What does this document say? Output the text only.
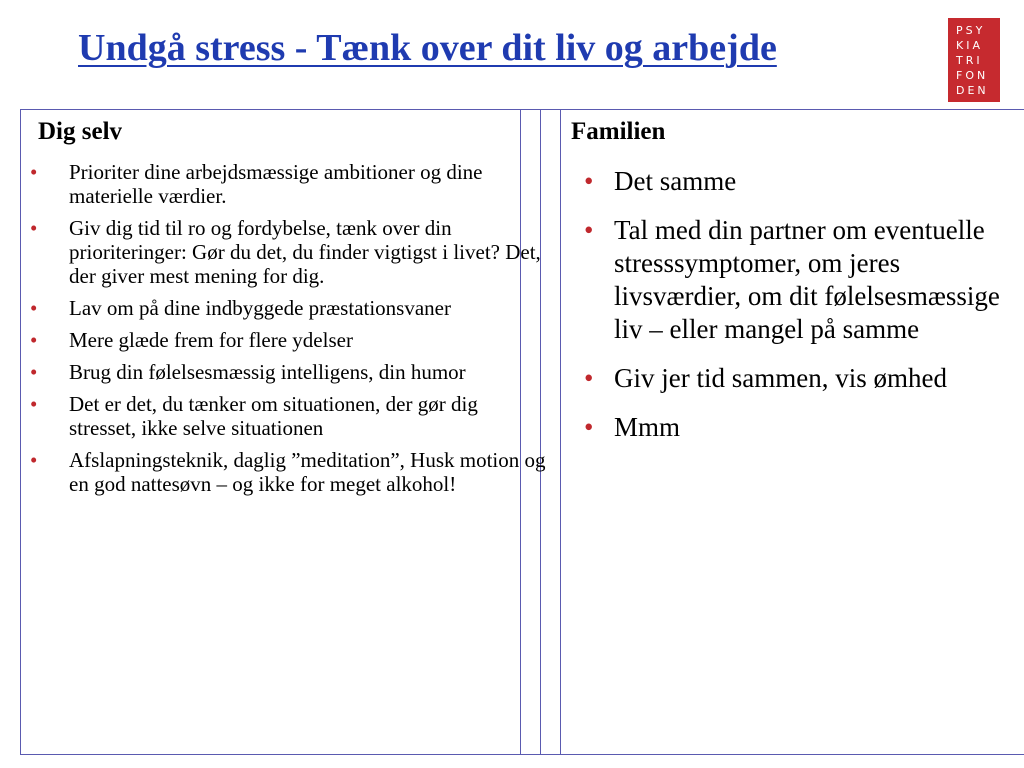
Undgå stress - Tænk over dit liv og arbejde	PSY
KIA
TRI
FON
DEN
Dig selv
• Prioriter dine arbejdsmæssige ambitioner og dine materielle værdier.
• Giv dig tid til ro og fordybelse, tænk over din prioriteringer: Gør du det, du finder vigtigst i livet? Det, der giver mest mening for dig.
• Lav om på dine indbyggede præstationsvaner
• Mere glæde frem for flere ydelser
• Brug din følelsesmæssig intelligens, din humor
• Det er det, du tænker om situationen, der gør dig stresset, ikke selve situationen
• Afslapningsteknik, daglig ”meditation”, Husk motion og en god nattesøvn – og ikke for meget alkohol!
Familien
• Det samme
• Tal med din partner om eventuelle stresssymptomer, om jeres livsværdier, om dit følelsesmæssige liv – eller mangel på samme
• Giv jer tid sammen, vis ømhed
• Mmm
